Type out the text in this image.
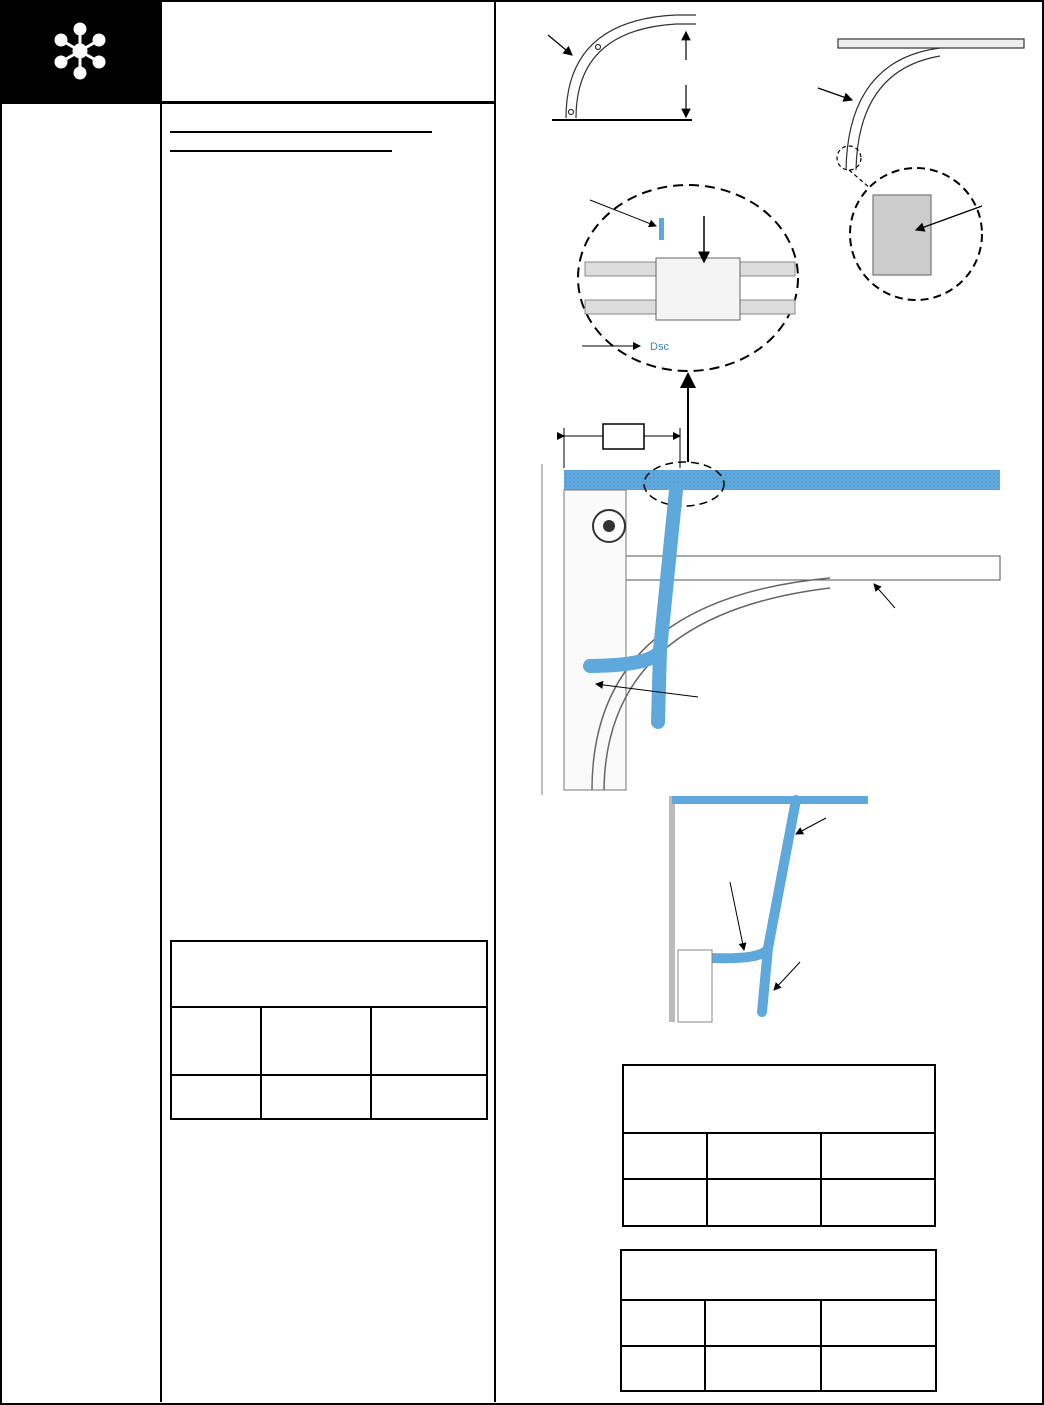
Dsc
